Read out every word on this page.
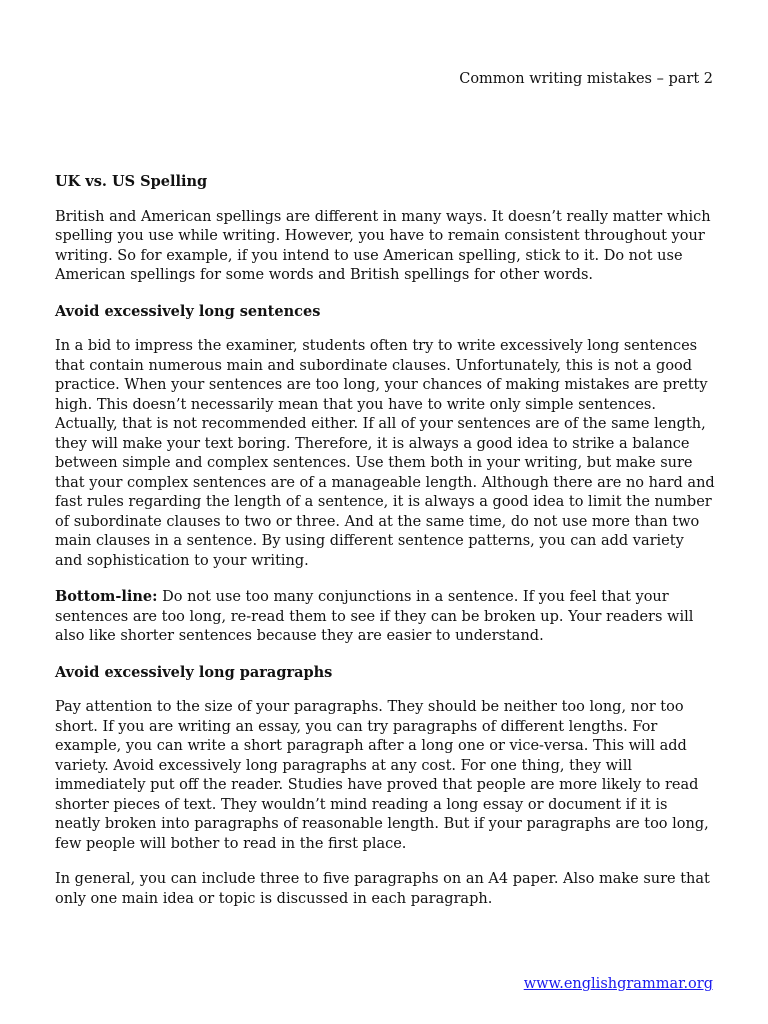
Common writing mistakes – part 2
UK vs. US Spelling

British and American spellings are different in many ways. It doesn’t really matter which spelling you use while writing. However, you have to remain consistent throughout your writing. So for example, if you intend to use American spelling, stick to it. Do not use American spellings for some words and British spellings for other words.

Avoid excessively long sentences

In a bid to impress the examiner, students often try to write excessively long sentences that contain numerous main and subordinate clauses. Unfortunately, this is not a good practice. When your sentences are too long, your chances of making mistakes are pretty high. This doesn’t necessarily mean that you have to write only simple sentences. Actually, that is not recommended either. If all of your sentences are of the same length, they will make your text boring. Therefore, it is always a good idea to strike a balance between simple and complex sentences. Use them both in your writing, but make sure that your complex sentences are of a manageable length. Although there are no hard and fast rules regarding the length of a sentence, it is always a good idea to limit the number of subordinate clauses to two or three. And at the same time, do not use more than two main clauses in a sentence. By using different sentence patterns, you can add variety and sophistication to your writing.

Bottom-line: Do not use too many conjunctions in a sentence. If you feel that your sentences are too long, re-read them to see if they can be broken up. Your readers will also like shorter sentences because they are easier to understand.

Avoid excessively long paragraphs

Pay attention to the size of your paragraphs. They should be neither too long, nor too short. If you are writing an essay, you can try paragraphs of different lengths. For example, you can write a short paragraph after a long one or vice-versa. This will add variety. Avoid excessively long paragraphs at any cost. For one thing, they will immediately put off the reader. Studies have proved that people are more likely to read shorter pieces of text. They wouldn’t mind reading a long essay or document if it is neatly broken into paragraphs of reasonable length. But if your paragraphs are too long, few people will bother to read in the first place.

In general, you can include three to five paragraphs on an A4 paper. Also make sure that only one main idea or topic is discussed in each paragraph.

www.englishgrammar.org
